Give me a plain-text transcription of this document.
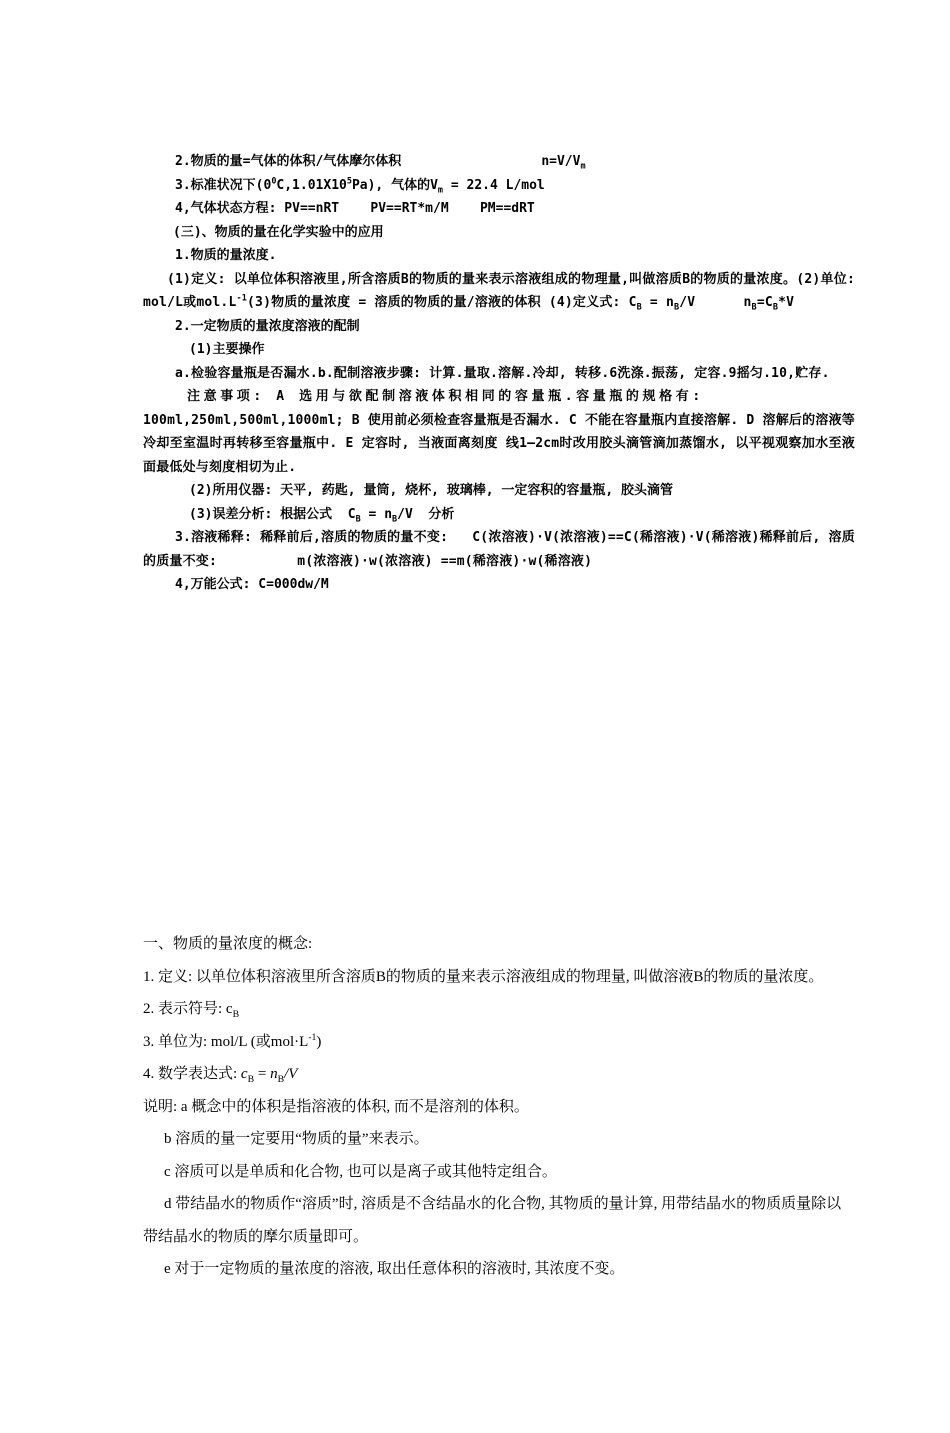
2.物质的量=气体的体积/气体摩尔体积	$n=V/V_m$

3.标准状况下$(0^0C,1.01X10^5Pa)$, 气体的$V_m = 22.4$ L/mol

4,气体状态方程: PV==nRT    PV==RT*m/M    PM==dRT

(三)、物质的量在化学实验中的应用

1.物质的量浓度.

(1)定义: 以单位体积溶液里,所含溶质B的物质的量来表示溶液组成的物理量,叫做溶质B的物质的量浓度。(2)单位: mol/L或$mol.L^{-1}(3)$物质的量浓度 = 溶质的物质的量/溶液的体积 (4)定义式: $C_B = n_B/V$      $n_B=C_B*V$

2.一定物质的量浓度溶液的配制

(1)主要操作

a.检验容量瓶是否漏水.b.配制溶液步骤: 计算.量取.溶解.冷却, 转移.6洗涤.振荡, 定容.9摇匀.10,贮存.

注意事项: A 选用与欲配制溶液体积相同的容量瓶.容量瓶的规格有:

100ml,250ml,500ml,1000ml; B 使用前必须检查容量瓶是否漏水. C 不能在容量瓶内直接溶解. D 溶解后的溶液等冷却至室温时再转移至容量瓶中. E 定容时, 当液面离刻度 线1—2cm时改用胶头滴管滴加蒸馏水, 以平视观察加水至液面最低处与刻度相切为止.

(2)所用仪器: 天平, 药匙, 量筒, 烧杯, 玻璃棒, 一定容积的容量瓶, 胶头滴管

(3)误差分析: 根据公式  $C_B = n_B/V$  分析

3.溶液稀释: 稀释前后,溶质的物质的量不变:   C(浓溶液)·V(浓溶液)==C(稀溶液)·V(稀溶液)稀释前后, 溶质的质量不变:          m(浓溶液)·w(浓溶液) ==m(稀溶液)·w(稀溶液)

4,万能公式: C=000dw/M

一、物质的量浓度的概念:

1. 定义: 以单位体积溶液里所含溶质B的物质的量来表示溶液组成的物理量, 叫做溶液B的物质的量浓度。

2. 表示符号: $c_B$

3. 单位为: mol/L (或$mol\cdot L^{-1}$)

4. 数学表达式: $c_B = n_B/V$

说明: a 概念中的体积是指溶液的体积, 而不是溶剂的体积。

b 溶质的量一定要用“物质的量”来表示。

c 溶质可以是单质和化合物, 也可以是离子或其他特定组合。

d 带结晶水的物质作“溶质”时, 溶质是不含结晶水的化合物, 其物质的量计算, 用带结晶水的物质质量除以带结晶水的物质的摩尔质量即可。

e 对于一定物质的量浓度的溶液, 取出任意体积的溶液时, 其浓度不变。
